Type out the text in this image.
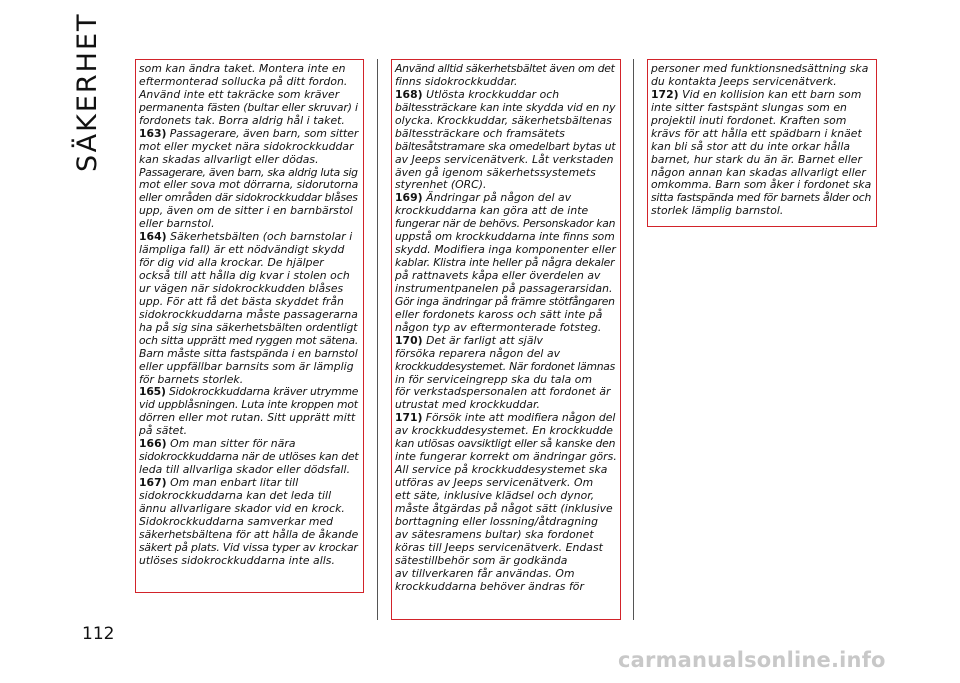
SÄKERHET	som kan ändra taket. Montera inte en
eftermonterad sollucka på ditt fordon.
Använd inte ett takräcke som kräver
permanenta fästen (bultar eller skruvar) i
fordonets tak. Borra aldrig hål i taket.
163) Passagerare, även barn, som sitter
mot eller mycket nära sidokrockkuddar
kan skadas allvarligt eller dödas.
Passagerare, även barn, ska aldrig luta sig
mot eller sova mot dörrarna, sidorutorna
eller områden där sidokrockkuddar blåses
upp, även om de sitter i en barnbärstol
eller barnstol.
164) Säkerhetsbälten (och barnstolar i
lämpliga fall) är ett nödvändigt skydd
för dig vid alla krockar. De hjälper
också till att hålla dig kvar i stolen och
ur vägen när sidokrockkudden blåses
upp. För att få det bästa skyddet från
sidokrockkuddarna måste passagerarna
ha på sig sina säkerhetsbälten ordentligt
och sitta upprätt med ryggen mot sätena.
Barn måste sitta fastspända i en barnstol
eller uppfällbar barnsits som är lämplig
för barnets storlek.
165) Sidokrockkuddarna kräver utrymme
vid uppblåsningen. Luta inte kroppen mot
dörren eller mot rutan. Sitt upprätt mitt
på sätet.
166) Om man sitter för nära
sidokrockkuddarna när de utlöses kan det
leda till allvarliga skador eller dödsfall.
167) Om man enbart litar till
sidokrockkuddarna kan det leda till
ännu allvarligare skador vid en krock.
Sidokrockkuddarna samverkar med
säkerhetsbältena för att hålla de åkande
säkert på plats. Vid vissa typer av krockar
utlöses sidokrockkuddarna inte alls.
Använd alltid säkerhetsbältet även om det
finns sidokrockkuddar.
168) Utlösta krockkuddar och
bältessträckare kan inte skydda vid en ny
olycka. Krockkuddar, säkerhetsbältenas
bältessträckare och framsätets
bältesåtstramare ska omedelbart bytas ut
av Jeeps servicenätverk. Låt verkstaden
även gå igenom säkerhetssystemets
styrenhet (ORC).
169) Ändringar på någon del av
krockkuddarna kan göra att de inte
fungerar när de behövs. Personskador kan
uppstå om krockkuddarna inte finns som
skydd. Modifiera inga komponenter eller
kablar. Klistra inte heller på några dekaler
på rattnavets kåpa eller överdelen av
instrumentpanelen på passagerarsidan.
Gör inga ändringar på främre stötfångaren
eller fordonets kaross och sätt inte på
någon typ av eftermonterade fotsteg.
170) Det är farligt att själv
försöka reparera någon del av
krockkuddesystemet. När fordonet lämnas
in för serviceingrepp ska du tala om
för verkstadspersonalen att fordonet är
utrustat med krockkuddar.
171) Försök inte att modifiera någon del
av krockkuddesystemet. En krockkudde
kan utlösas oavsiktligt eller så kanske den
inte fungerar korrekt om ändringar görs.
All service på krockkuddesystemet ska
utföras av Jeeps servicenätverk. Om
ett säte, inklusive klädsel och dynor,
måste åtgärdas på något sätt (inklusive
borttagning eller lossning/åtdragning
av sätesramens bultar) ska fordonet
köras till Jeeps servicenätverk. Endast
sätestillbehör som är godkända
av tillverkaren får användas. Om
krockkuddarna behöver ändras för
personer med funktionsnedsättning ska
du kontakta Jeeps servicenätverk.
172) Vid en kollision kan ett barn som
inte sitter fastspänt slungas som en
projektil inuti fordonet. Kraften som
krävs för att hålla ett spädbarn i knäet
kan bli så stor att du inte orkar hålla
barnet, hur stark du än är. Barnet eller
någon annan kan skadas allvarligt eller
omkomma. Barn som åker i fordonet ska
sitta fastspända med för barnets ålder och
storlek lämplig barnstol.
112
carmanualsonline.info
